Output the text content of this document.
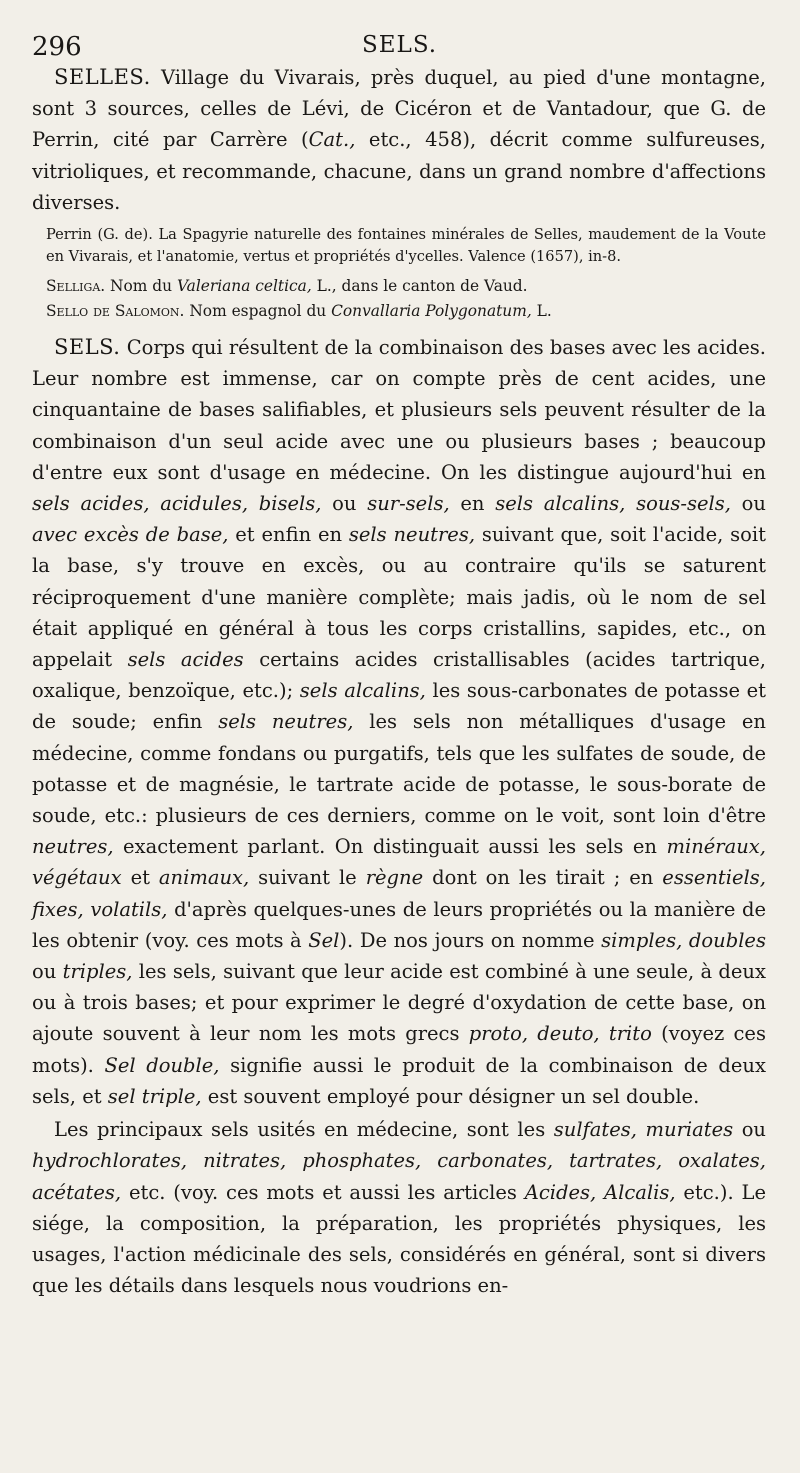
296	SELS.

SELLES. Village du Vivarais, près duquel, au pied d'une montagne, sont 3 sources, celles de Lévi, de Cicéron et de Vantadour, que G. de Perrin, cité par Carrère (Cat., etc., 458), décrit comme sulfureuses, vitrioliques, et recommande, chacune, dans un grand nombre d'affections diverses.

Perrin (G. de). La Spagyrie naturelle des fontaines minérales de Selles, maudement de la Voute en Vivarais, et l'anatomie, vertus et propriétés d'ycelles. Valence (1657), in-8.

Selliga. Nom du Valeriana celtica, L., dans le canton de Vaud.

Sello de Salomon. Nom espagnol du Convallaria Polygonatum, L.

SELS. Corps qui résultent de la combinaison des bases avec les acides. Leur nombre est immense, car on compte près de cent acides, une cinquantaine de bases salifiables, et plusieurs sels peuvent résulter de la combinaison d'un seul acide avec une ou plusieurs bases ; beaucoup d'entre eux sont d'usage en médecine. On les distingue aujourd'hui en sels acides, acidules, bisels, ou sur-sels, en sels alcalins, sous-sels, ou avec excès de base, et enfin en sels neutres, suivant que, soit l'acide, soit la base, s'y trouve en excès, ou au contraire qu'ils se saturent réciproquement d'une manière complète; mais jadis, où le nom de sel était appliqué en général à tous les corps cristallins, sapides, etc., on appelait sels acides certains acides cristallisables (acides tartrique, oxalique, benzoïque, etc.); sels alcalins, les sous-carbonates de potasse et de soude; enfin sels neutres, les sels non métalliques d'usage en médecine, comme fondans ou purgatifs, tels que les sulfates de soude, de potasse et de magnésie, le tartrate acide de potasse, le sous-borate de soude, etc.: plusieurs de ces derniers, comme on le voit, sont loin d'être neutres, exactement parlant. On distinguait aussi les sels en minéraux, végétaux et animaux, suivant le règne dont on les tirait ; en essentiels, fixes, volatils, d'après quelques-unes de leurs propriétés ou la manière de les obtenir (voy. ces mots à Sel). De nos jours on nomme simples, doubles ou triples, les sels, suivant que leur acide est combiné à une seule, à deux ou à trois bases; et pour exprimer le degré d'oxydation de cette base, on ajoute souvent à leur nom les mots grecs proto, deuto, trito (voyez ces mots). Sel double, signifie aussi le produit de la combinaison de deux sels, et sel triple, est souvent employé pour désigner un sel double.

Les principaux sels usités en médecine, sont les sulfates, muriates ou hydrochlorates, nitrates, phosphates, carbonates, tartrates, oxalates, acétates, etc. (voy. ces mots et aussi les articles Acides, Alcalis, etc.). Le siége, la composition, la préparation, les propriétés physiques, les usages, l'action médicinale des sels, considérés en général, sont si divers que les détails dans lesquels nous voudrions en-
